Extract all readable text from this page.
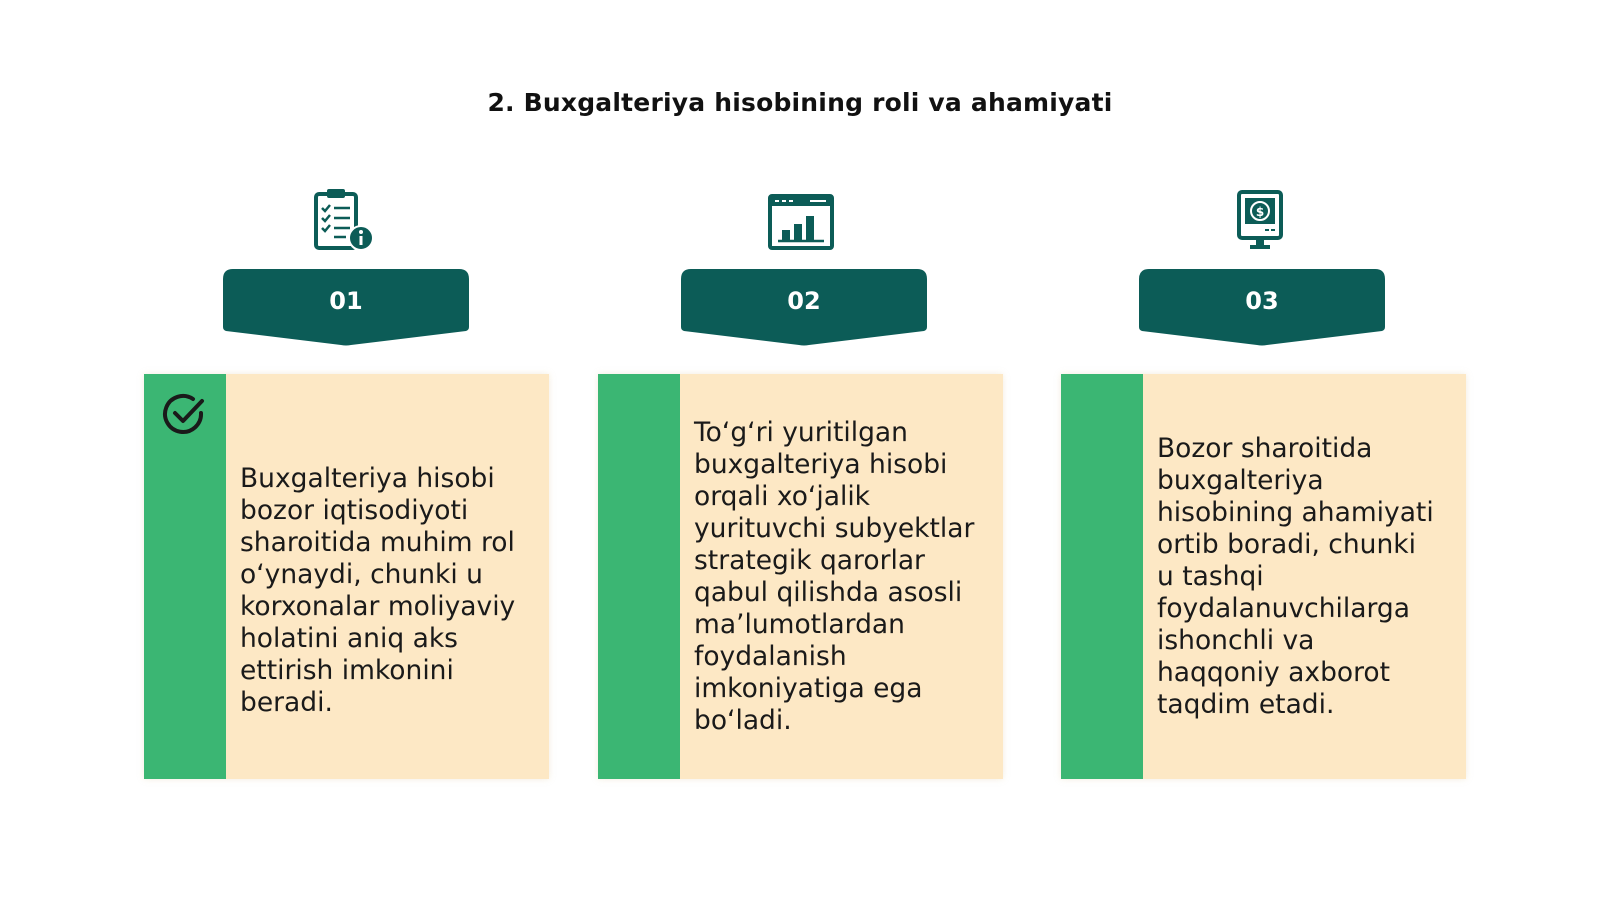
2. Buxgalteriya hisobining roli va ahamiyati
$
01	02	03

Buxgalteriya hisobi
bozor iqtisodiyoti
sharoitida muhim rol
o‘ynaydi, chunki u
korxonalar moliyaviy
holatini aniq aks
ettirish imkonini
beradi.

To‘g‘ri yuritilgan
buxgalteriya hisobi
orqali xo‘jalik
yurituvchi subyektlar
strategik qarorlar
qabul qilishda asosli
ma’lumotlardan
foydalanish
imkoniyatiga ega
bo‘ladi.

Bozor sharoitida
buxgalteriya
hisobining ahamiyati
ortib boradi, chunki
u tashqi
foydalanuvchilarga
ishonchli va
haqqoniy axborot
taqdim etadi.
